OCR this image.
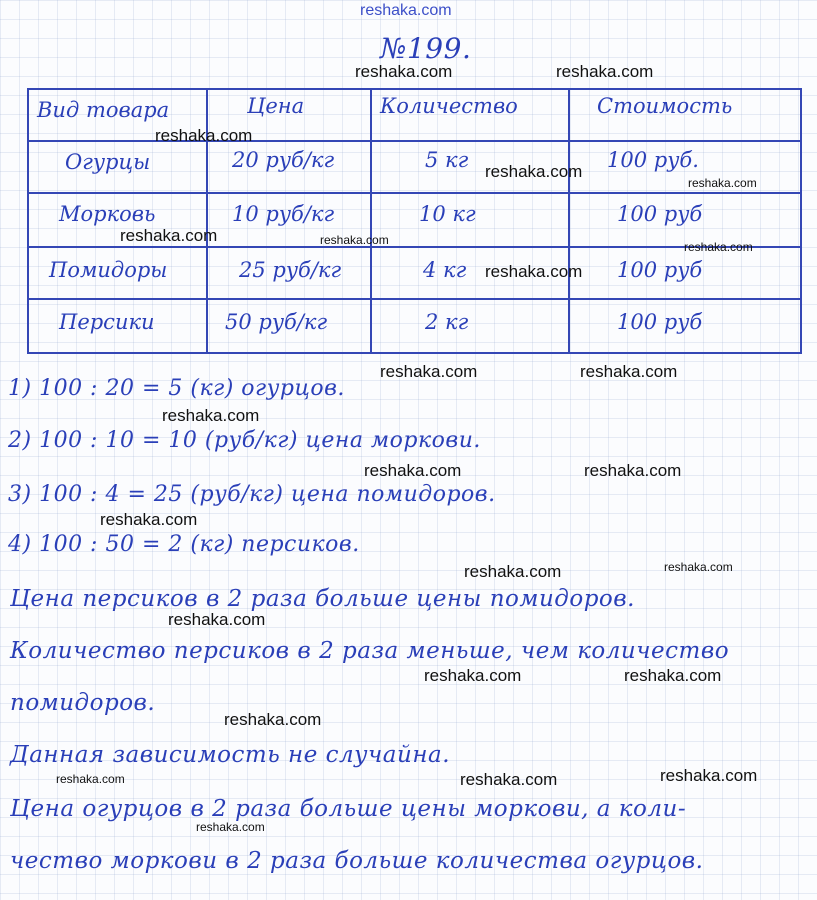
reshaka.com
№199.
Вид товара	Цена	Количество	Стоимость
Огурцы	20 руб/кг	5 кг	100 руб.
Морковь	10 руб/кг	10 кг	100 руб
Помидоры	25 руб/кг	4 кг	100 руб
Персики	50 руб/кг	2 кг	100 руб
1) 100 : 20 = 5 (кг) огурцов.
2) 100 : 10 = 10 (руб/кг) цена моркови.
3) 100 : 4 = 25 (руб/кг) цена помидоров.
4) 100 : 50 = 2 (кг) персиков.
Цена персиков в 2 раза больше цены помидоров.
Количество персиков в 2 раза меньше, чем количество
помидоров.
Данная зависимость не случайна.
Цена огурцов в 2 раза больше цены моркови, а коли-
чество моркови в 2 раза больше количества огурцов.
reshaka.com	reshaka.com
reshaka.com
reshaka.com
reshaka.com
reshaka.com	reshaka.com	reshaka.com
reshaka.com
reshaka.com	reshaka.com
reshaka.com
reshaka.com	reshaka.com
reshaka.com
reshaka.com	reshaka.com
reshaka.com
reshaka.com	reshaka.com
reshaka.com
reshaka.com	reshaka.com	reshaka.com
reshaka.com
